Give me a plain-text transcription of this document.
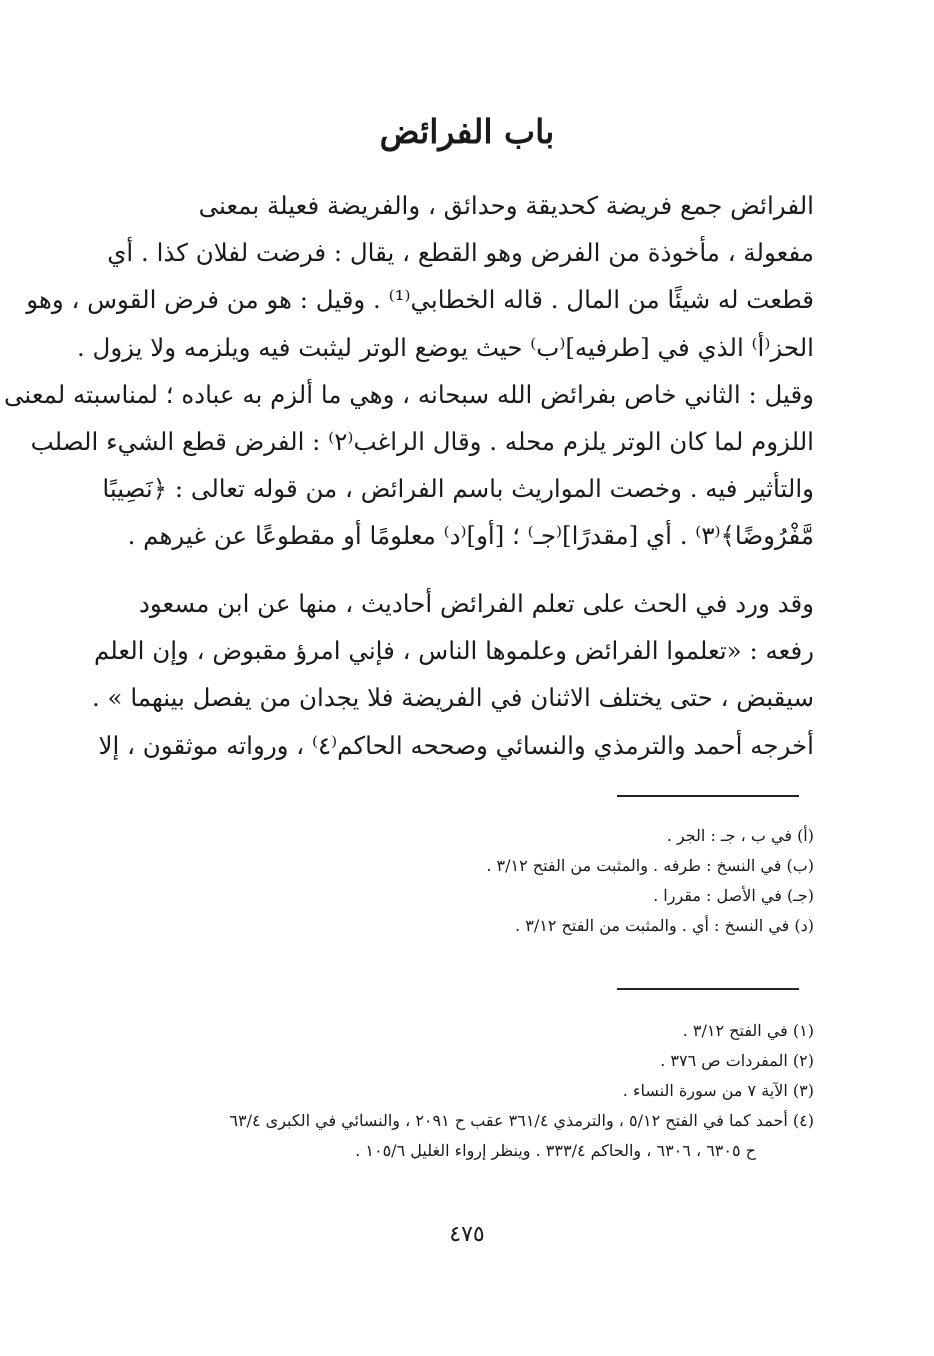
باب الفرائض
الفرائض جمع فريضة كحديقة وحدائق ، والفريضة فعيلة بمعنى
مفعولة ، مأخوذة من الفرض وهو القطع ، يقال : فرضت لفلان كذا . أي
قطعت له شيئًا من المال . قاله الخطابي⁽¹⁾ . وقيل : هو من فرض القوس ، وهو
الحز⁽أ⁾ الذي في [طرفيه]⁽ب⁾ حيث يوضع الوتر ليثبت فيه ويلزمه ولا يزول .
وقيل : الثاني خاص بفرائض الله سبحانه ، وهي ما ألزم به عباده ؛ لمناسبته لمعنى
اللزوم لما كان الوتر يلزم محله . وقال الراغب⁽٢⁾ : الفرض قطع الشيء الصلب
والتأثير فيه . وخصت المواريث باسم الفرائض ، من قوله تعالى : ﴿نَصِيبًا
مَّفْرُوضًا﴾⁽٣⁾ . أي [مقدرًا]⁽جـ⁾ ؛ [أو]⁽د⁾ معلومًا أو مقطوعًا عن غيرهم .
وقد ورد في الحث على تعلم الفرائض أحاديث ، منها عن ابن مسعود
رفعه : «تعلموا الفرائض وعلموها الناس ، فإني امرؤ مقبوض ، وإن العلم
سيقبض ، حتى يختلف الاثنان في الفريضة فلا يجدان من يفصل بينهما » .
أخرجه أحمد والترمذي والنسائي وصححه الحاكم⁽٤⁾ ، ورواته موثقون ، إلا
(أ) في ب ، جـ : الجر .
(ب) في النسخ : طرفه . والمثبت من الفتح ٣/١٢ .
(جـ) في الأصل : مقررا .
(د) في النسخ : أي . والمثبت من الفتح ٣/١٢ .
(١) في الفتح ٣/١٢ .
(٢) المفردات ص ٣٧٦ .
(٣) الآية ٧ من سورة النساء .
(٤) أحمد كما في الفتح ٥/١٢ ، والترمذي ٣٦١/٤ عقب ح ٢٠٩١ ، والنسائي في الكبرى ٦٣/٤
ح ٦٣٠٥ ، ٦٣٠٦ ، والحاكم ٣٣٣/٤ . وينظر إرواء الغليل ١٠٥/٦ .
٤٧٥
